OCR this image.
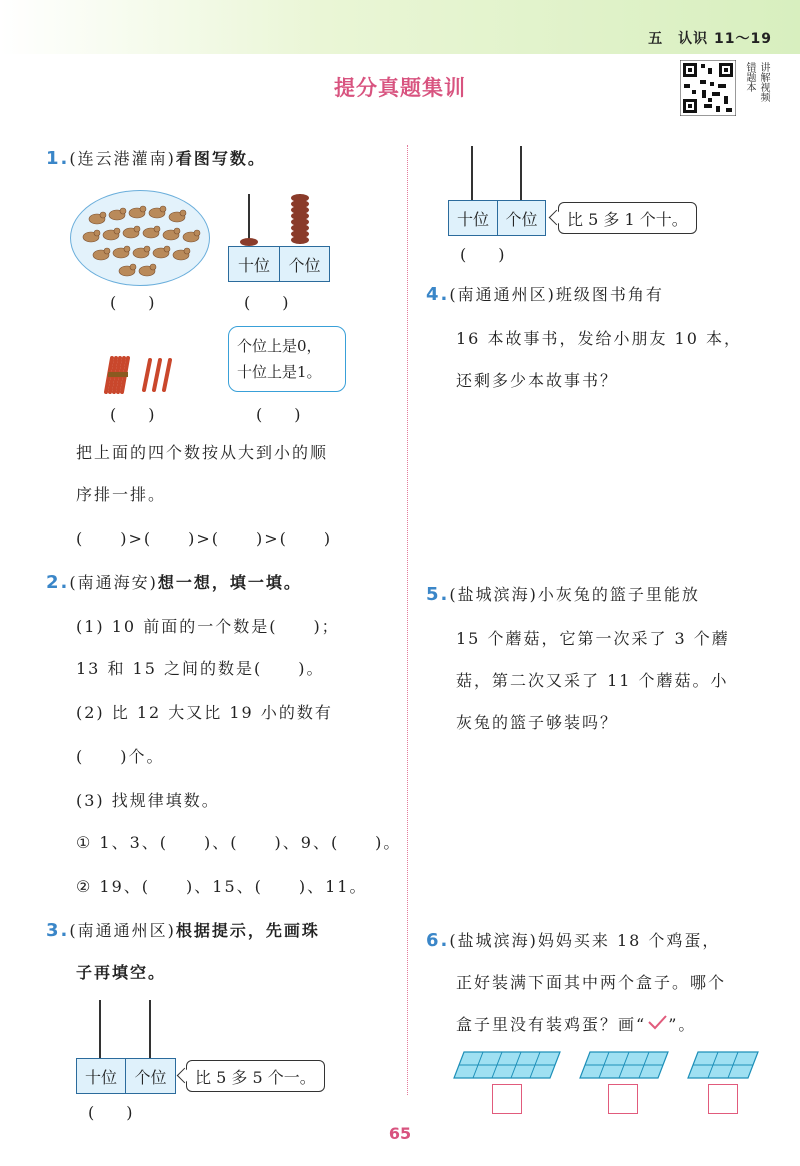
五　认识 11～19
提分真题集训	讲解视频
错题本
1.(连云港灌南)看图写数。
(　　)
十位	个位
(　　)
(　　)
个位上是0，
十位上是1。
(　　)
把上面的四个数按从大到小的顺
序排一排。
(　　)>(　　)>(　　)>(　　)
2.(南通海安)想一想，填一填。
(1) 10 前面的一个数是(　　)；
13 和 15 之间的数是(　　)。
(2) 比 12 大又比 19 小的数有
(　　)个。
(3) 找规律填数。
① 1、3、(　　)、(　　)、9、(　　)。
② 19、(　　)、15、(　　)、11。
3.(南通通州区)根据提示，先画珠
子再填空。
十位	个位	比 5 多 5 个一。
(　　)
十位	个位	比 5 多 1 个十。
(　　)
4.(南通通州区)班级图书角有
16 本故事书，发给小朋友 10 本，
还剩多少本故事书？
5.(盐城滨海)小灰兔的篮子里能放
15 个蘑菇，它第一次采了 3 个蘑
菇，第二次又采了 11 个蘑菇。小
灰兔的篮子够装吗？
6.(盐城滨海)妈妈买来 18 个鸡蛋，
正好装满下面其中两个盒子。哪个
盒子里没有装鸡蛋？画“ ”。
65
